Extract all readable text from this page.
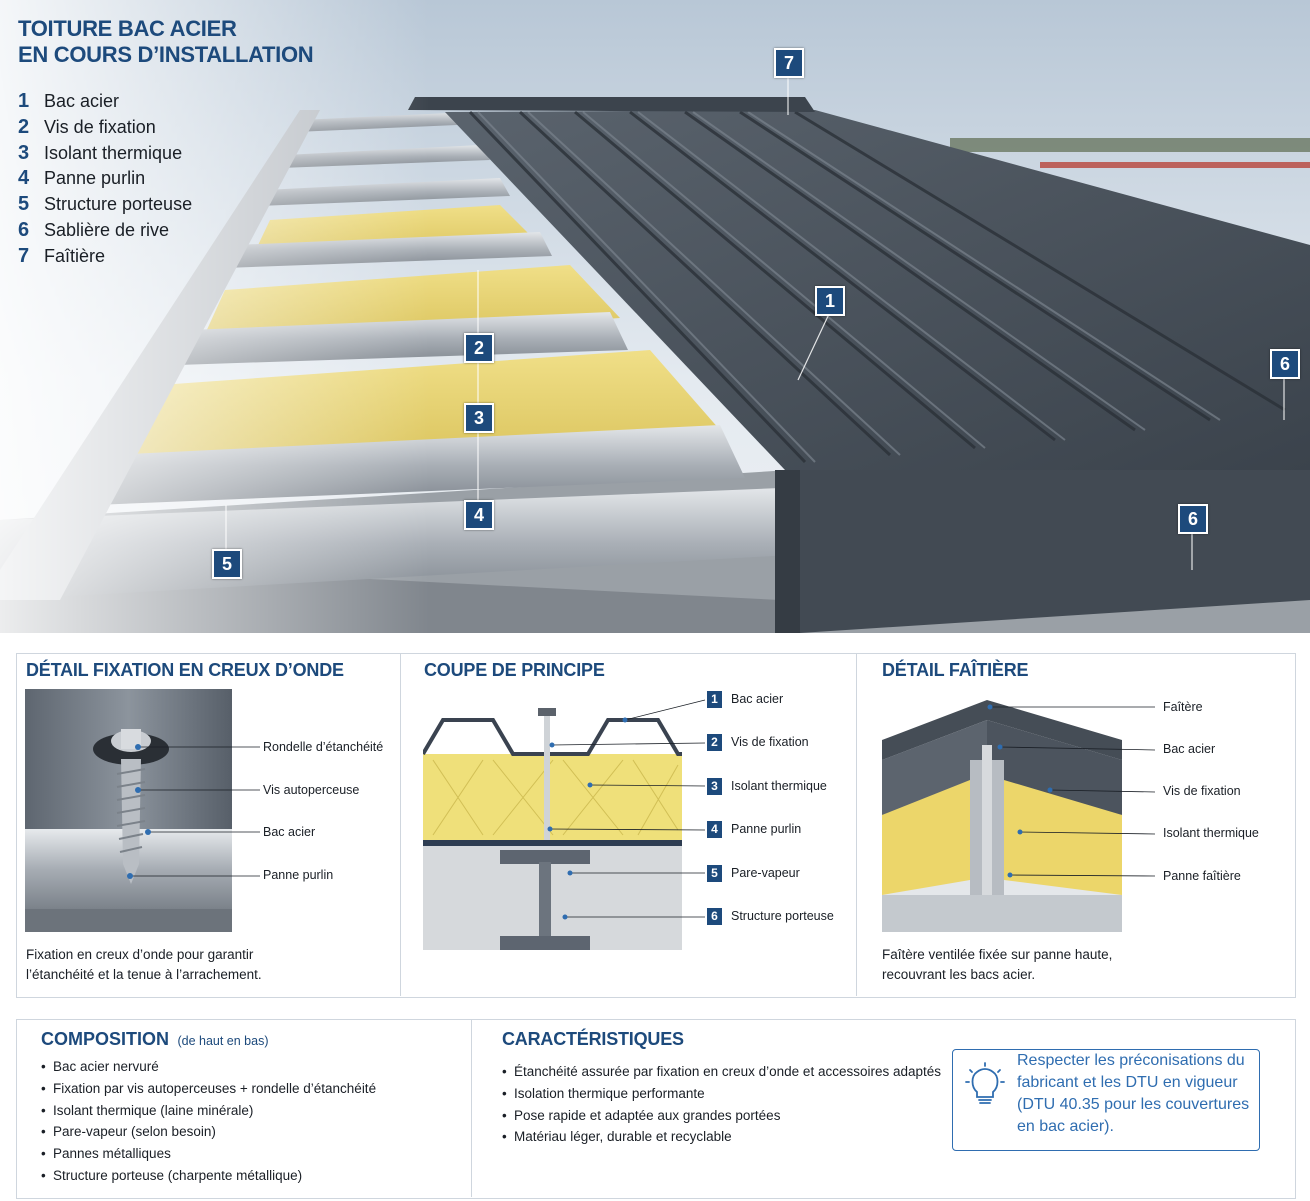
TOITURE BAC ACIER
EN COURS D’INSTALLATION
1 Bac acier
2 Vis de fixation
3 Isolant thermique
4 Panne purlin
5 Structure porteuse
6 Sablière de rive
7 Faîtière
7
1
2
3
4
5
6
6
DÉTAIL FIXATION EN CREUX D’ONDE
Rondelle d’étanchéité
Vis autoperceuse
Bac acier
Panne purlin
Fixation en creux d’onde pour garantir
l’étanchéité et la tenue à l’arrachement.
COUPE DE PRINCIPE
1	Bac acier
2	Vis de fixation
3	Isolant thermique
4	Panne purlin
5	Pare-vapeur
6	Structure porteuse
DÉTAIL FAÎTIÈRE
Faîtère
Bac acier
Vis de fixation
Isolant thermique
Panne faîtière
Faîtère ventilée fixée sur panne haute,
recouvrant les bacs acier.
COMPOSITION (de haut en bas)
• Bac acier nervuré
• Fixation par vis autoperceuses + rondelle d’étanchéité
• Isolant thermique (laine minérale)
• Pare-vapeur (selon besoin)
• Pannes métalliques
• Structure porteuse (charpente métallique)
CARACTÉRISTIQUES
• Étanchéité assurée par fixation en creux d’onde et accessoires adaptés
• Isolation thermique performante
• Pose rapide et adaptée aux grandes portées
• Matériau léger, durable et recyclable
Respecter les préconisations du fabricant et les DTU en vigueur (DTU 40.35 pour les couvertures en bac acier).
